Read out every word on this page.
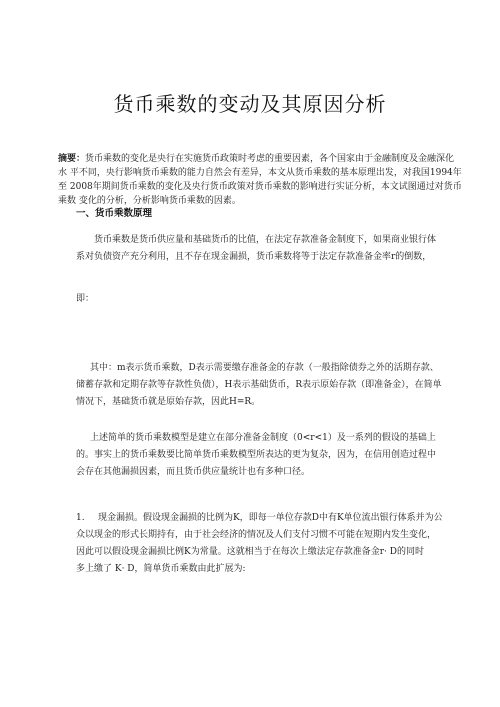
货币乘数的变动及其原因分析
摘要：货币乘数的变化是央行在实施货币政策时考虑的重要因素，各个国家由于金融制度及金融深化
水 平不同，央行影响货币乘数的能力自然会有差异，本文从货币乘数的基本原理出发，对我国1994年
至 2008年期间货币乘数的变化及央行货币政策对货币乘数的影响进行实证分析，本文试图通过对货币
乘数 变化的分析，分析影响货币乘数的因素。
一、货币乘数原理
货币乘数是货币供应量和基础货币的比值，在法定存款准备金制度下，如果商业银行体
系对负债资产充分利用，且不存在现金漏损，货币乘数将等于法定存款准备金率r的倒数，
即：
其中：m表示货币乘数，D表示需要缴存准备金的存款（一般指除债券之外的活期存款、
储蓄存款和定期存款等存款性负债），H表示基础货币，R表示原始存款（即准备金），在简单
情况下，基础货币就是原始存款，因此H=R。
上述简单的货币乘数模型是建立在部分准备金制度（0<r<1）及一系列的假设的基础上
的。事实上的货币乘数要比简单货币乘数模型所表达的更为复杂，因为，在信用创造过程中
会存在其他漏损因素，而且货币供应量统计也有多种口径。
1. 现金漏损。假设现金漏损的比例为K，即每一单位存款D中有K单位流出银行体系并为公
众以现金的形式长期持有，由于社会经济的情况及人们支付习惯不可能在短期内发生变化，
因此可以假设现金漏损比例K为常量。这就相当于在每次上缴法定存款准备金r· D的同时
多上缴了 K· D，简单货币乘数由此扩展为:
